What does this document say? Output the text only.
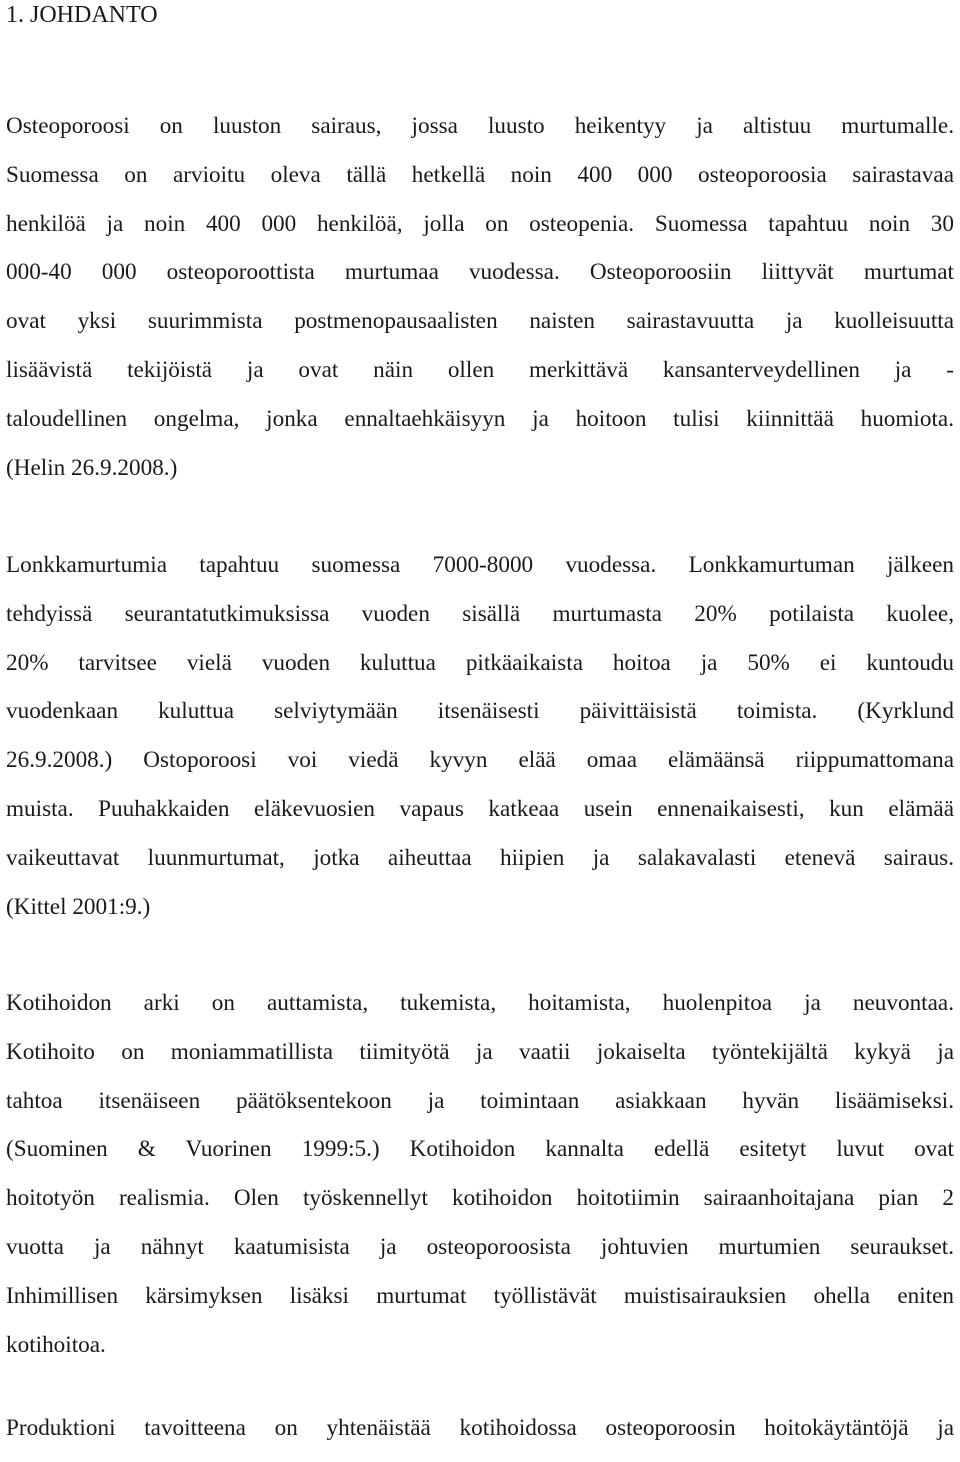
1. JOHDANTO
Osteoporoosi on luuston sairaus, jossa luusto heikentyy ja altistuu murtumalle.
Suomessa on arvioitu oleva tällä hetkellä noin 400 000 osteoporoosia sairastavaa
henkilöä ja noin 400 000 henkilöä, jolla on osteopenia. Suomessa tapahtuu noin 30
000-40 000 osteoporoottista murtumaa vuodessa. Osteoporoosiin liittyvät murtumat
ovat yksi suurimmista postmenopausaalisten naisten sairastavuutta ja kuolleisuutta
lisäävistä tekijöistä ja ovat näin ollen merkittävä kansanterveydellinen ja -
taloudellinen ongelma, jonka ennaltaehkäisyyn ja hoitoon tulisi kiinnittää huomiota.
(Helin 26.9.2008.)
Lonkkamurtumia tapahtuu suomessa 7000-8000 vuodessa. Lonkkamurtuman jälkeen
tehdyissä seurantatutkimuksissa vuoden sisällä murtumasta 20% potilaista kuolee,
20% tarvitsee vielä vuoden kuluttua pitkäaikaista hoitoa ja 50% ei kuntoudu
vuodenkaan kuluttua selviytymään itsenäisesti päivittäisistä toimista. (Kyrklund
26.9.2008.) Ostoporoosi voi viedä kyvyn elää omaa elämäänsä riippumattomana
muista. Puuhakkaiden eläkevuosien vapaus katkeaa usein ennenaikaisesti, kun elämää
vaikeuttavat luunmurtumat, jotka aiheuttaa hiipien ja salakavalasti etenevä sairaus.
(Kittel 2001:9.)
Kotihoidon arki on auttamista, tukemista, hoitamista, huolenpitoa ja neuvontaa.
Kotihoito on moniammatillista tiimityötä ja vaatii jokaiselta työntekijältä kykyä ja
tahtoa itsenäiseen päätöksentekoon ja toimintaan asiakkaan hyvän lisäämiseksi.
(Suominen & Vuorinen 1999:5.) Kotihoidon kannalta edellä esitetyt luvut ovat
hoitotyön realismia. Olen työskennellyt kotihoidon hoitotiimin sairaanhoitajana pian 2
vuotta ja nähnyt kaatumisista ja osteoporoosista johtuvien murtumien seuraukset.
Inhimillisen kärsimyksen lisäksi murtumat työllistävät muistisairauksien ohella eniten
kotihoitoa.
Produktioni tavoitteena on yhtenäistää kotihoidossa osteoporoosin hoitokäytäntöjä ja
